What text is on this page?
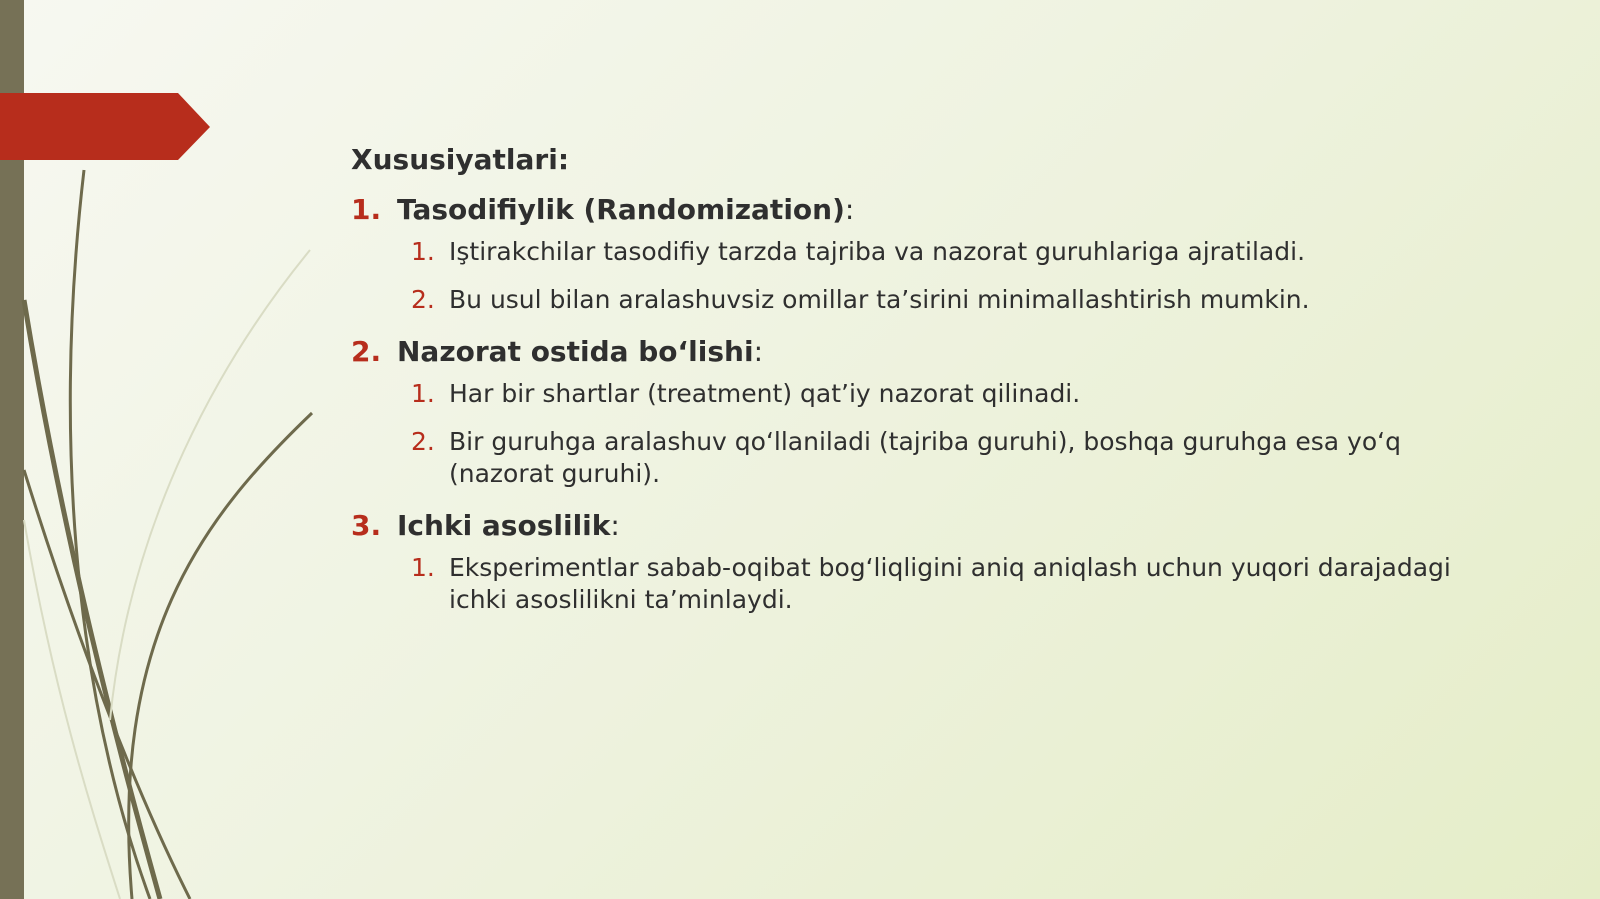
Xususiyatlari:
1. Tasodifiylik (Randomization):
1. Iştirakchilar tasodifiy tarzda tajriba va nazorat guruhlariga ajratiladi.
2. Bu usul bilan aralashuvsiz omillar ta’sirini minimallashtirish mumkin.
2. Nazorat ostida bo‘lishi:
1. Har bir shartlar (treatment) qat’iy nazorat qilinadi.
2. Bir guruhga aralashuv qo‘llaniladi (tajriba guruhi), boshqa guruhga esa yo‘q (nazorat guruhi).
3. Ichki asoslilik:
1. Eksperimentlar sabab-oqibat bog‘liqligini aniq aniqlash uchun yuqori darajadagi ichki asoslilikni ta’minlaydi.
